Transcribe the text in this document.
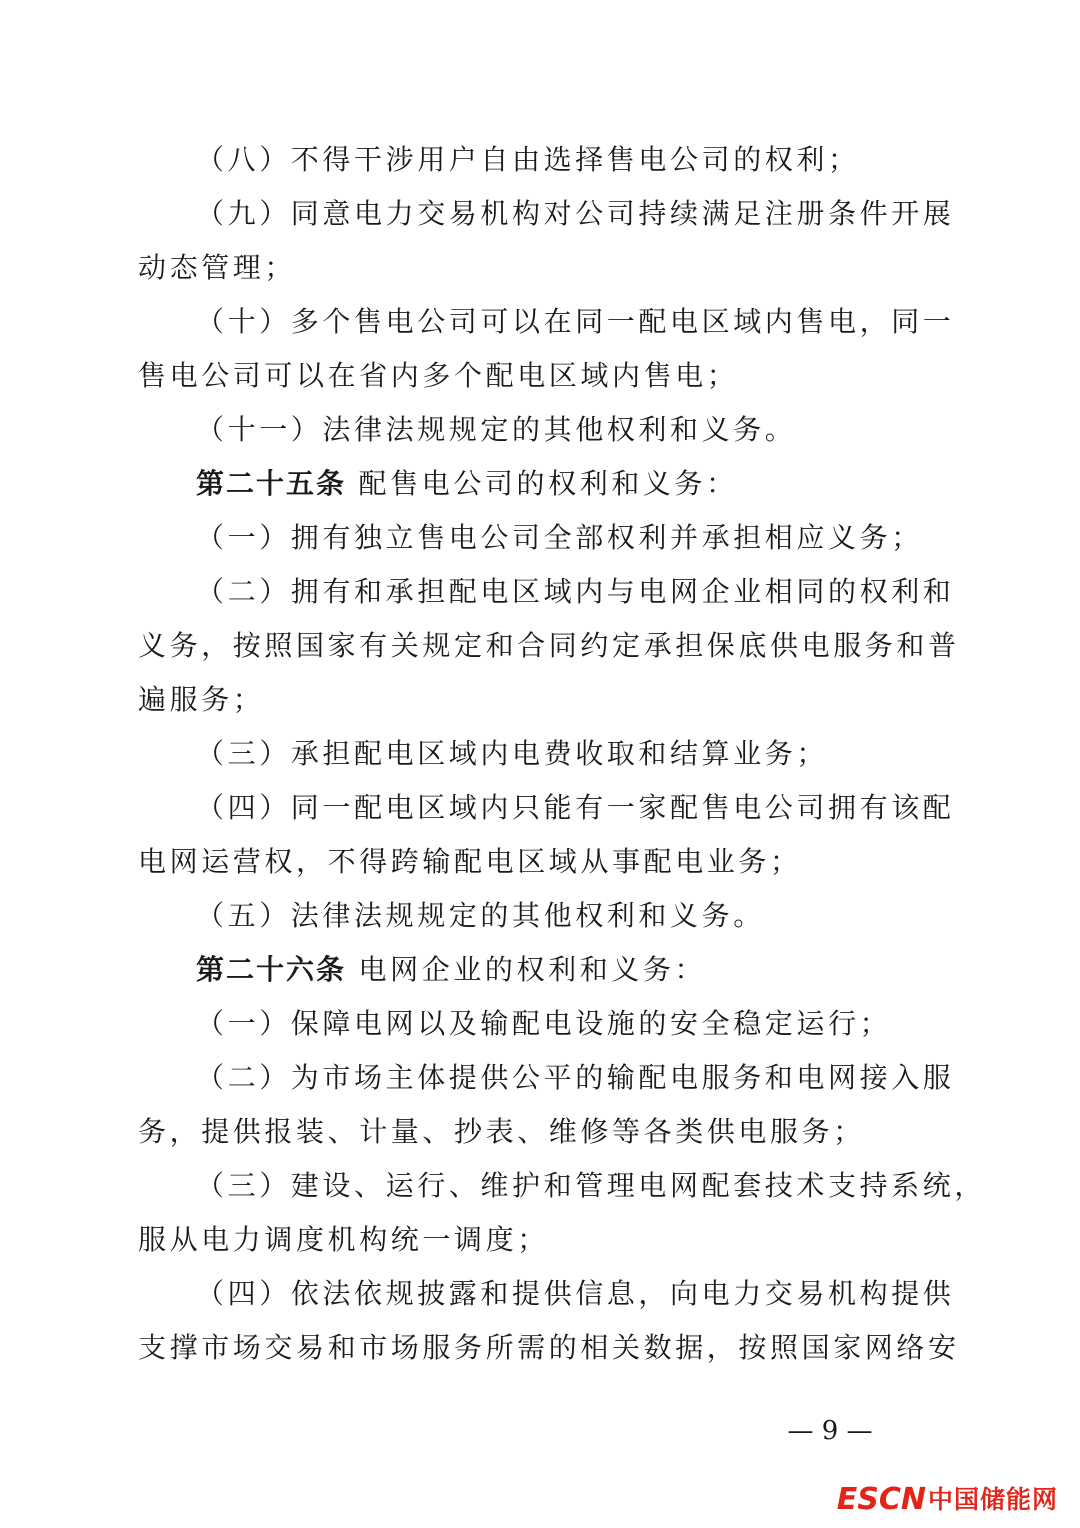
（八）不得干涉用户自由选择售电公司的权利；
（九）同意电力交易机构对公司持续满足注册条件开展
动态管理；
（十）多个售电公司可以在同一配电区域内售电，同一
售电公司可以在省内多个配电区域内售电；
（十一）法律法规规定的其他权利和义务。
第二十五条 配售电公司的权利和义务：
（一）拥有独立售电公司全部权利并承担相应义务；
（二）拥有和承担配电区域内与电网企业相同的权利和
义务，按照国家有关规定和合同约定承担保底供电服务和普
遍服务；
（三）承担配电区域内电费收取和结算业务；
（四）同一配电区域内只能有一家配售电公司拥有该配
电网运营权，不得跨输配电区域从事配电业务；
（五）法律法规规定的其他权利和义务。
第二十六条 电网企业的权利和义务：
（一）保障电网以及输配电设施的安全稳定运行；
（二）为市场主体提供公平的输配电服务和电网接入服
务，提供报装、计量、抄表、维修等各类供电服务；
（三）建设、运行、维护和管理电网配套技术支持系统，
服从电力调度机构统一调度；
（四）依法依规披露和提供信息，向电力交易机构提供
支撑市场交易和市场服务所需的相关数据，按照国家网络安
— 9 —
ESCN 中国储能网
